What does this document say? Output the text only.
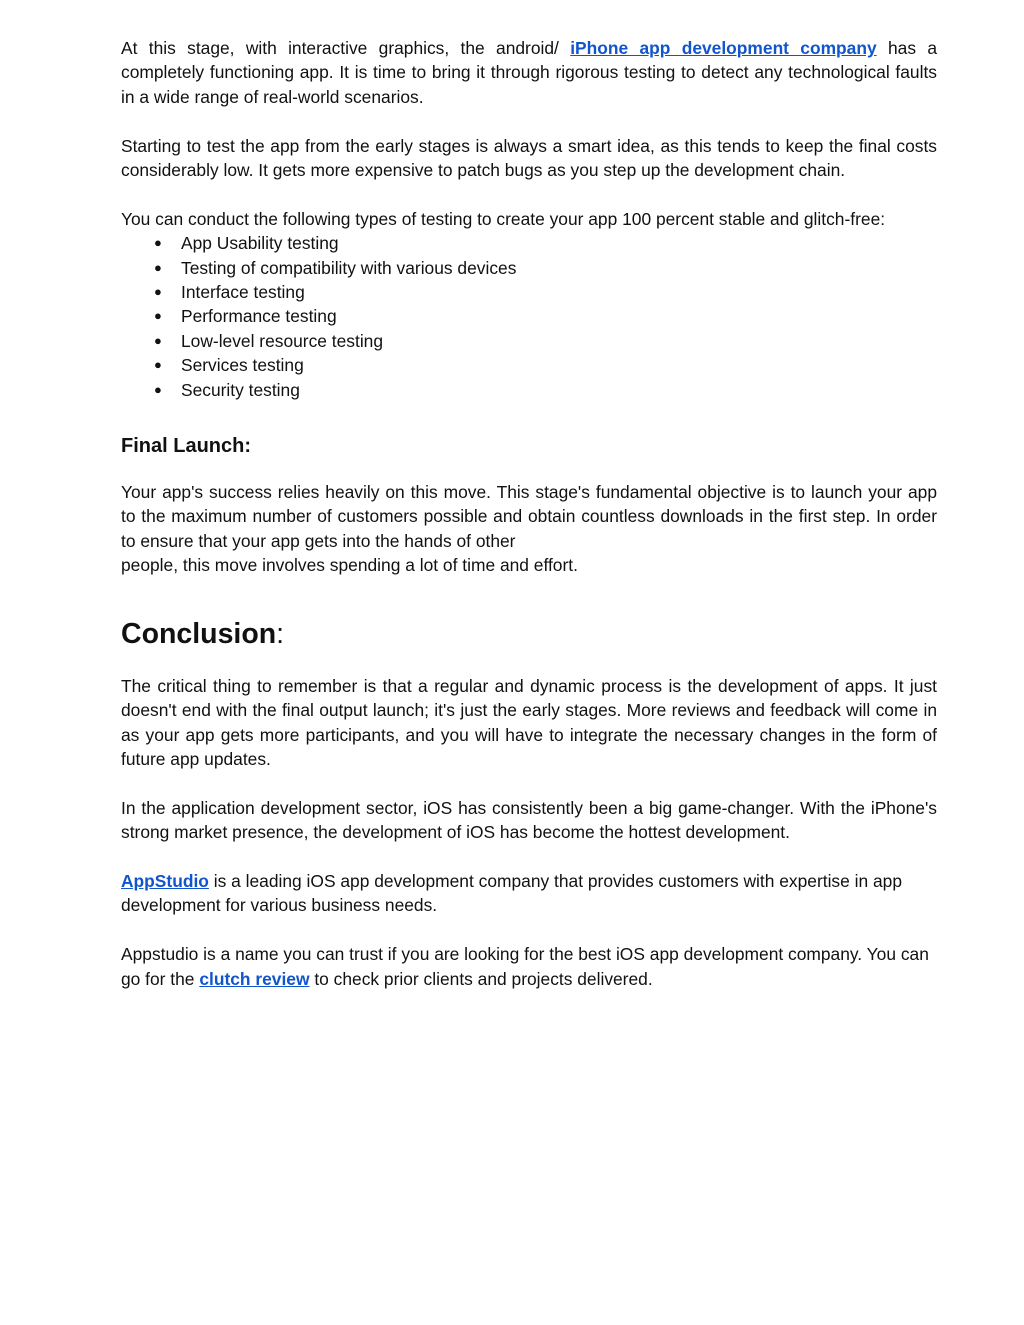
At this stage, with interactive graphics, the android/ iPhone app development company has a completely functioning app. It is time to bring it through rigorous testing to detect any technological faults in a wide range of real-world scenarios.

Starting to test the app from the early stages is always a smart idea, as this tends to keep the final costs considerably low. It gets more expensive to patch bugs as you step up the development chain.

You can conduct the following types of testing to create your app 100 percent stable and glitch-free:

● App Usability testing
● Testing of compatibility with various devices
● Interface testing
● Performance testing
● Low-level resource testing
● Services testing
● Security testing
Final Launch:

Your app's success relies heavily on this move. This stage's fundamental objective is to launch your app to the maximum number of customers possible and obtain countless downloads in the first step. In order to ensure that your app gets into the hands of other

people, this move involves spending a lot of time and effort.

Conclusion:

The critical thing to remember is that a regular and dynamic process is the development of apps. It just doesn't end with the final output launch; it's just the early stages. More reviews and feedback will come in as your app gets more participants, and you will have to integrate the necessary changes in the form of future app updates.

In the application development sector, iOS has consistently been a big game-changer. With the iPhone's strong market presence, the development of iOS has become the hottest development.

AppStudio is a leading iOS app development company that provides customers with expertise in app development for various business needs.

Appstudio is a name you can trust if you are looking for the best iOS app development company. You can go for the clutch review to check prior clients and projects delivered.
